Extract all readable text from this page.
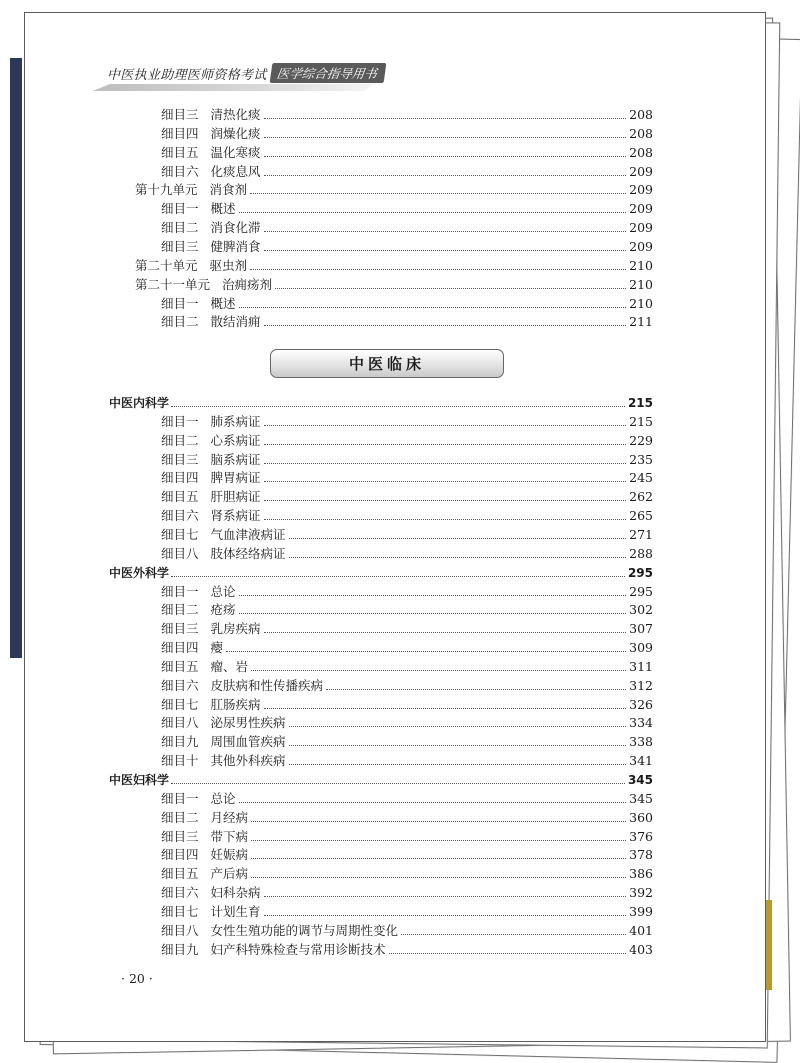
中医执业助理医师资格考试 医学综合指导用书
中医临床
细目三 清热化痰	208
细目四 润燥化痰	208
细目五 温化寒痰	208
细目六 化痰息风	209
第十九单元 消食剂	209
细目一 概述	209
细目二 消食化滞	209
细目三 健脾消食	209
第二十单元 驱虫剂	210
第二十一单元 治痈疡剂	210
细目一 概述	210
细目二 散结消痈	211
中医内科学	215
细目一 肺系病证	215
细目二 心系病证	229
细目三 脑系病证	235
细目四 脾胃病证	245
细目五 肝胆病证	262
细目六 肾系病证	265
细目七 气血津液病证	271
细目八 肢体经络病证	288
中医外科学	295
细目一 总论	295
细目二 疮疡	302
细目三 乳房疾病	307
细目四 瘿	309
细目五 瘤、岩	311
细目六 皮肤病和性传播疾病	312
细目七 肛肠疾病	326
细目八 泌尿男性疾病	334
细目九 周围血管疾病	338
细目十 其他外科疾病	341
中医妇科学	345
细目一 总论	345
细目二 月经病	360
细目三 带下病	376
细目四 妊娠病	378
细目五 产后病	386
细目六 妇科杂病	392
细目七 计划生育	399
细目八 女性生殖功能的调节与周期性变化	401
细目九 妇产科特殊检查与常用诊断技术	403
· 20 ·
